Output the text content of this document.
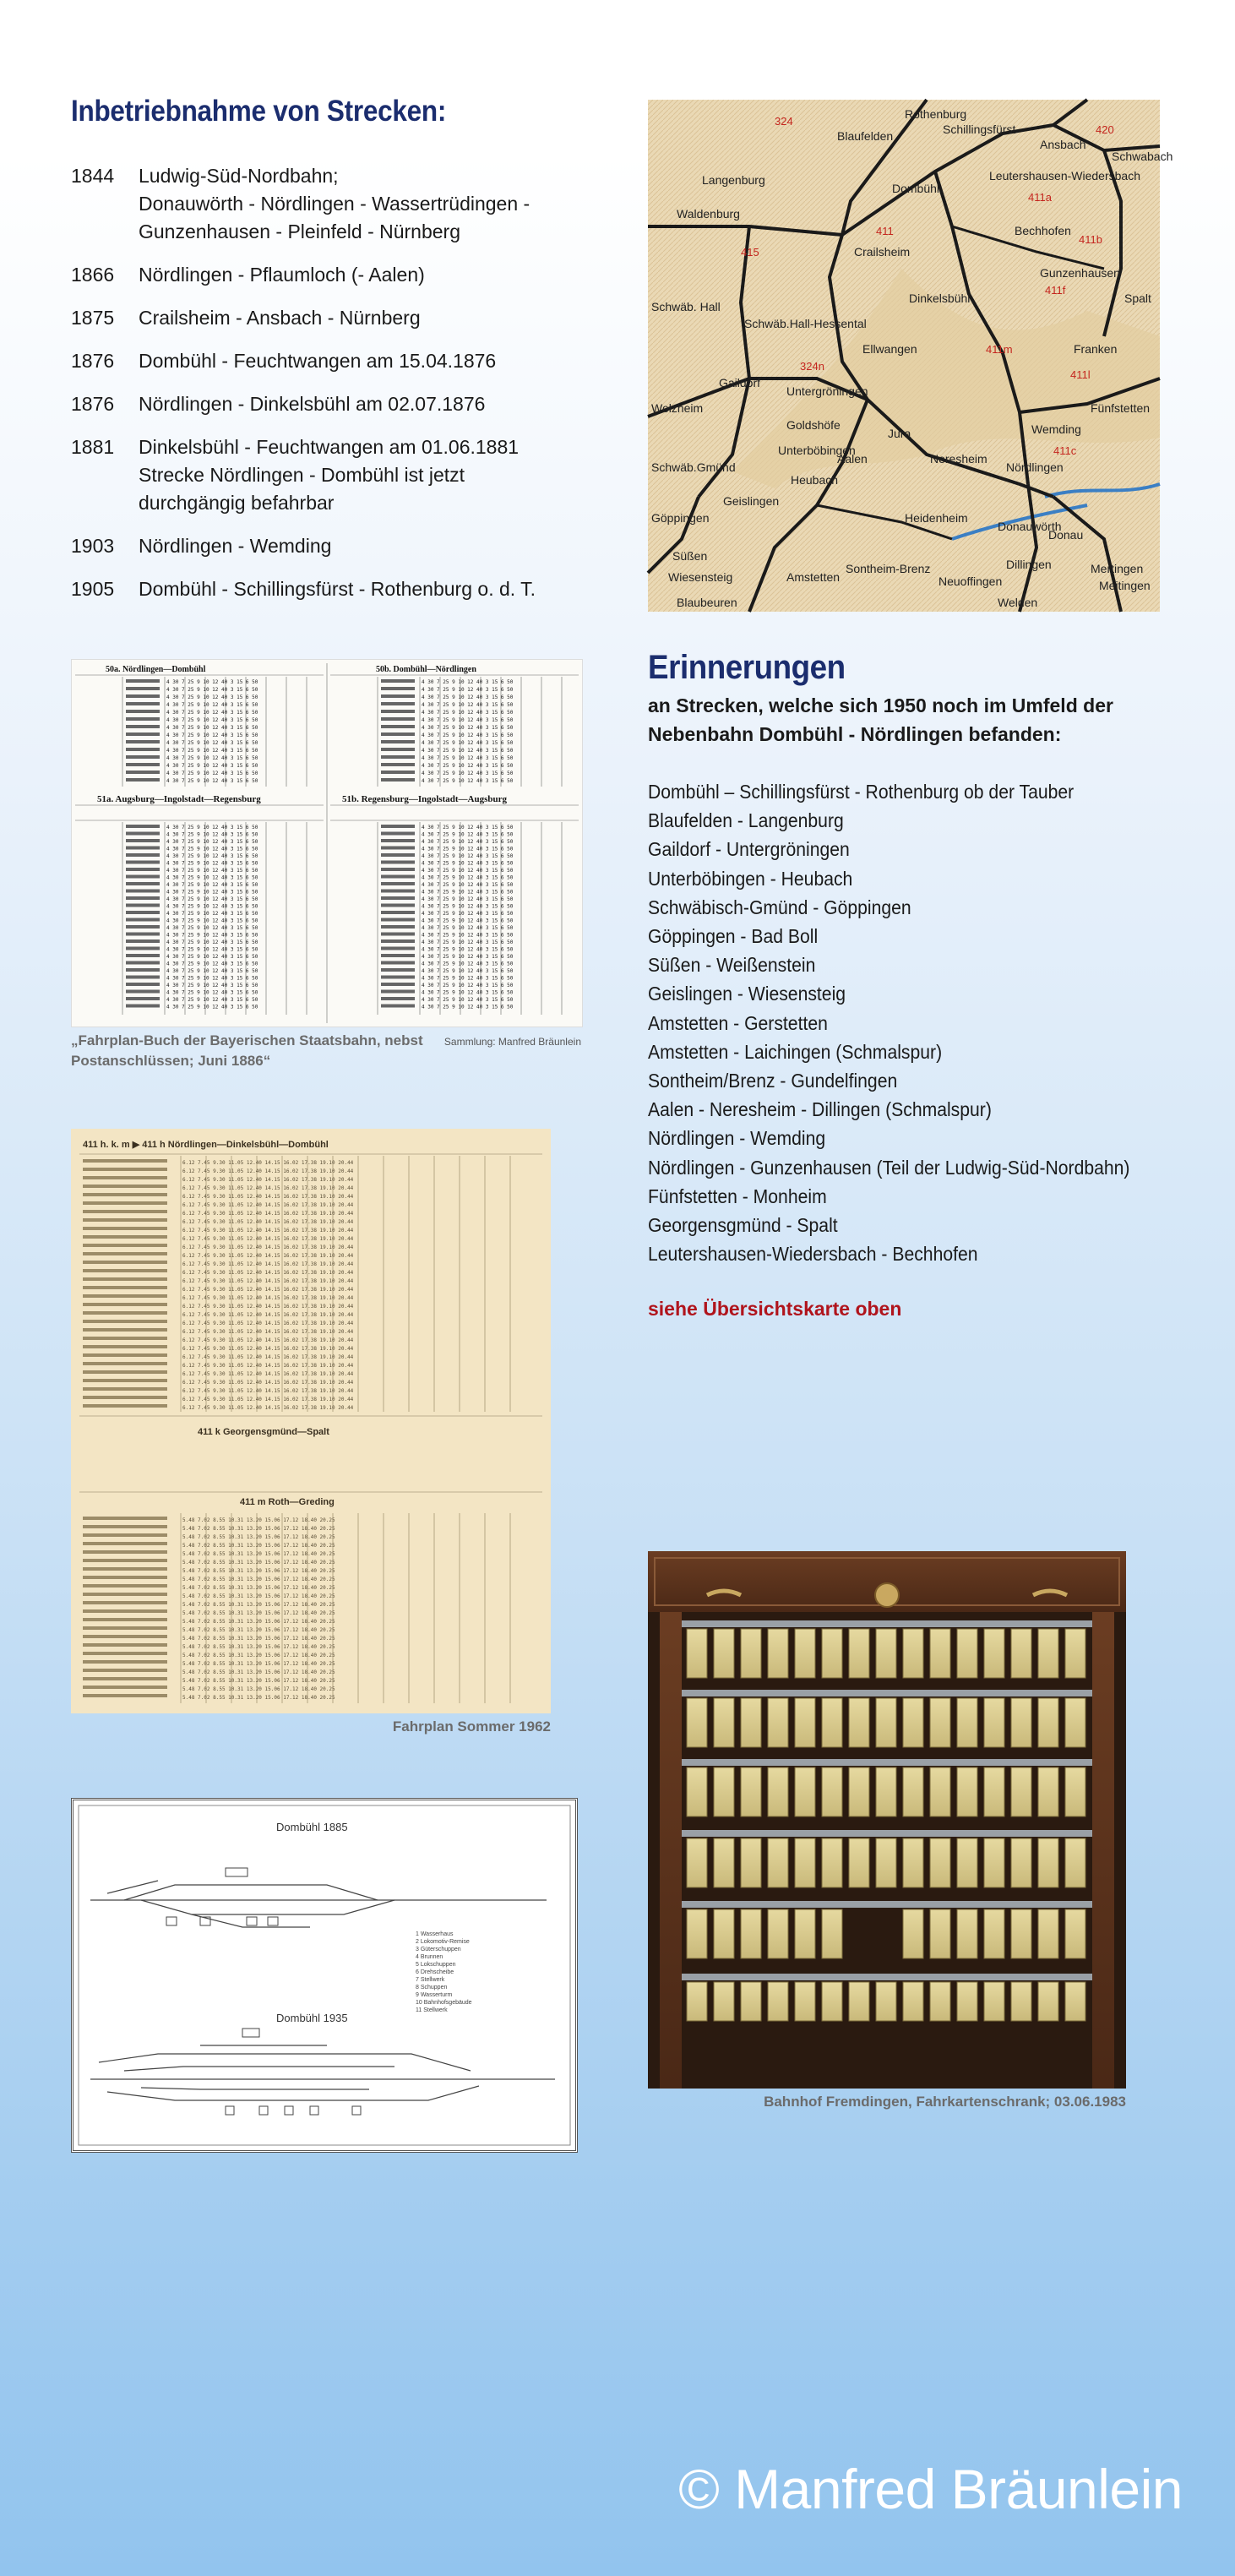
Inbetriebnahme von Strecken:
1844	Ludwig-Süd-Nordbahn;
Donauwörth - Nördlingen - Wassertrüdingen -
Gunzenhausen - Pleinfeld - Nürnberg
1866	Nördlingen - Pflaumloch (- Aalen)
1875	Crailsheim - Ansbach - Nürnberg
1876	Dombühl - Feuchtwangen am 15.04.1876
1876	Nördlingen - Dinkelsbühl am 02.07.1876
1881	Dinkelsbühl - Feuchtwangen am 01.06.1881
Strecke Nördlingen - Dombühl ist jetzt
durchgängig befahrbar
1903	Nördlingen - Wemding
1905	Dombühl - Schillingsfürst - Rothenburg o. d. T.
Rothenburg
Ansbach
Schwabach
Blaufelden	Schillingsfürst
Dombühl
Leutershausen-Wiedersbach
Langenburg
Waldenburg
Crailsheim
Bechhofen
Gunzenhausen
Spalt
Schwäb. Hall
Schwäb.Hall-Hessental
Dinkelsbühl
Gaildorf
Untergröningen
Ellwangen
Welzheim
Goldshöfe
Unterböbingen
Aalen
Nördlingen
Wemding
Schwäb.Gmünd
Heubach
Neresheim
Fünfstetten
Göppingen	Heidenheim
Donauwörth
Geislingen
Süßen
Wiesensteig	Amstetten
Sontheim-Brenz	Dillingen	Mertingen
Meitingen
Neuoffingen
Welden
Blaubeuren
Franken
Jura
Donau
324
420
411
411a
411b
411m
415
411f
324n
411l
411c
50a. Nördlingen—Dombühl	50b. Dombühl—Nördlingen
51a. Augsburg—Ingolstadt—Regensburg	51b. Regensburg—Ingolstadt—Augsburg
4 30 7 25 9 10 12 40 3 15 6 50	4 30 7 25 9 10 12 40 3 15 6 50
4 30 7 25 9 10 12 40 3 15 6 50	4 30 7 25 9 10 12 40 3 15 6 50
4 30 7 25 9 10 12 40 3 15 6 50	4 30 7 25 9 10 12 40 3 15 6 50
4 30 7 25 9 10 12 40 3 15 6 50	4 30 7 25 9 10 12 40 3 15 6 50
4 30 7 25 9 10 12 40 3 15 6 50	4 30 7 25 9 10 12 40 3 15 6 50
4 30 7 25 9 10 12 40 3 15 6 50	4 30 7 25 9 10 12 40 3 15 6 50
4 30 7 25 9 10 12 40 3 15 6 50	4 30 7 25 9 10 12 40 3 15 6 50
4 30 7 25 9 10 12 40 3 15 6 50	4 30 7 25 9 10 12 40 3 15 6 50
4 30 7 25 9 10 12 40 3 15 6 50	4 30 7 25 9 10 12 40 3 15 6 50
4 30 7 25 9 10 12 40 3 15 6 50	4 30 7 25 9 10 12 40 3 15 6 50
4 30 7 25 9 10 12 40 3 15 6 50	4 30 7 25 9 10 12 40 3 15 6 50
4 30 7 25 9 10 12 40 3 15 6 50	4 30 7 25 9 10 12 40 3 15 6 50
4 30 7 25 9 10 12 40 3 15 6 50	4 30 7 25 9 10 12 40 3 15 6 50
4 30 7 25 9 10 12 40 3 15 6 50	4 30 7 25 9 10 12 40 3 15 6 50
4 30 7 25 9 10 12 40 3 15 6 50	4 30 7 25 9 10 12 40 3 15 6 50
4 30 7 25 9 10 12 40 3 15 6 50	4 30 7 25 9 10 12 40 3 15 6 50
4 30 7 25 9 10 12 40 3 15 6 50	4 30 7 25 9 10 12 40 3 15 6 50
4 30 7 25 9 10 12 40 3 15 6 50	4 30 7 25 9 10 12 40 3 15 6 50
4 30 7 25 9 10 12 40 3 15 6 50	4 30 7 25 9 10 12 40 3 15 6 50
4 30 7 25 9 10 12 40 3 15 6 50	4 30 7 25 9 10 12 40 3 15 6 50
4 30 7 25 9 10 12 40 3 15 6 50	4 30 7 25 9 10 12 40 3 15 6 50
4 30 7 25 9 10 12 40 3 15 6 50	4 30 7 25 9 10 12 40 3 15 6 50
4 30 7 25 9 10 12 40 3 15 6 50	4 30 7 25 9 10 12 40 3 15 6 50
4 30 7 25 9 10 12 40 3 15 6 50	4 30 7 25 9 10 12 40 3 15 6 50
4 30 7 25 9 10 12 40 3 15 6 50	4 30 7 25 9 10 12 40 3 15 6 50
4 30 7 25 9 10 12 40 3 15 6 50	4 30 7 25 9 10 12 40 3 15 6 50
4 30 7 25 9 10 12 40 3 15 6 50	4 30 7 25 9 10 12 40 3 15 6 50
4 30 7 25 9 10 12 40 3 15 6 50	4 30 7 25 9 10 12 40 3 15 6 50
4 30 7 25 9 10 12 40 3 15 6 50	4 30 7 25 9 10 12 40 3 15 6 50
4 30 7 25 9 10 12 40 3 15 6 50	4 30 7 25 9 10 12 40 3 15 6 50
4 30 7 25 9 10 12 40 3 15 6 50	4 30 7 25 9 10 12 40 3 15 6 50
4 30 7 25 9 10 12 40 3 15 6 50	4 30 7 25 9 10 12 40 3 15 6 50
4 30 7 25 9 10 12 40 3 15 6 50	4 30 7 25 9 10 12 40 3 15 6 50
4 30 7 25 9 10 12 40 3 15 6 50	4 30 7 25 9 10 12 40 3 15 6 50
4 30 7 25 9 10 12 40 3 15 6 50	4 30 7 25 9 10 12 40 3 15 6 50
4 30 7 25 9 10 12 40 3 15 6 50	4 30 7 25 9 10 12 40 3 15 6 50
4 30 7 25 9 10 12 40 3 15 6 50	4 30 7 25 9 10 12 40 3 15 6 50
4 30 7 25 9 10 12 40 3 15 6 50	4 30 7 25 9 10 12 40 3 15 6 50
4 30 7 25 9 10 12 40 3 15 6 50	4 30 7 25 9 10 12 40 3 15 6 50
4 30 7 25 9 10 12 40 3 15 6 50	4 30 7 25 9 10 12 40 3 15 6 50
„Fahrplan-Buch der Bayerischen Staatsbahn, nebst Postanschlüssen; Juni 1886“
Sammlung: Manfred Bräunlein
411 h. k. m ▶ 411 h Nördlingen—Dinkelsbühl—Dombühl
411 k Georgensgmünd—Spalt
411 m Roth—Greding
6.12 7.45 9.30 11.05 12.40 14.15 16.02 17.38 19.10 20.44
6.12 7.45 9.30 11.05 12.40 14.15 16.02 17.38 19.10 20.44
6.12 7.45 9.30 11.05 12.40 14.15 16.02 17.38 19.10 20.44
6.12 7.45 9.30 11.05 12.40 14.15 16.02 17.38 19.10 20.44
6.12 7.45 9.30 11.05 12.40 14.15 16.02 17.38 19.10 20.44
6.12 7.45 9.30 11.05 12.40 14.15 16.02 17.38 19.10 20.44
6.12 7.45 9.30 11.05 12.40 14.15 16.02 17.38 19.10 20.44
6.12 7.45 9.30 11.05 12.40 14.15 16.02 17.38 19.10 20.44
6.12 7.45 9.30 11.05 12.40 14.15 16.02 17.38 19.10 20.44
6.12 7.45 9.30 11.05 12.40 14.15 16.02 17.38 19.10 20.44
6.12 7.45 9.30 11.05 12.40 14.15 16.02 17.38 19.10 20.44
6.12 7.45 9.30 11.05 12.40 14.15 16.02 17.38 19.10 20.44
6.12 7.45 9.30 11.05 12.40 14.15 16.02 17.38 19.10 20.44
6.12 7.45 9.30 11.05 12.40 14.15 16.02 17.38 19.10 20.44
6.12 7.45 9.30 11.05 12.40 14.15 16.02 17.38 19.10 20.44
6.12 7.45 9.30 11.05 12.40 14.15 16.02 17.38 19.10 20.44
6.12 7.45 9.30 11.05 12.40 14.15 16.02 17.38 19.10 20.44
6.12 7.45 9.30 11.05 12.40 14.15 16.02 17.38 19.10 20.44
6.12 7.45 9.30 11.05 12.40 14.15 16.02 17.38 19.10 20.44
6.12 7.45 9.30 11.05 12.40 14.15 16.02 17.38 19.10 20.44
6.12 7.45 9.30 11.05 12.40 14.15 16.02 17.38 19.10 20.44
6.12 7.45 9.30 11.05 12.40 14.15 16.02 17.38 19.10 20.44
6.12 7.45 9.30 11.05 12.40 14.15 16.02 17.38 19.10 20.44
6.12 7.45 9.30 11.05 12.40 14.15 16.02 17.38 19.10 20.44
6.12 7.45 9.30 11.05 12.40 14.15 16.02 17.38 19.10 20.44
6.12 7.45 9.30 11.05 12.40 14.15 16.02 17.38 19.10 20.44
6.12 7.45 9.30 11.05 12.40 14.15 16.02 17.38 19.10 20.44
6.12 7.45 9.30 11.05 12.40 14.15 16.02 17.38 19.10 20.44
6.12 7.45 9.30 11.05 12.40 14.15 16.02 17.38 19.10 20.44
6.12 7.45 9.30 11.05 12.40 14.15 16.02 17.38 19.10 20.44
5.48 7.02 8.55 10.31 13.20 15.06 17.12 18.40 20.25
5.48 7.02 8.55 10.31 13.20 15.06 17.12 18.40 20.25
5.48 7.02 8.55 10.31 13.20 15.06 17.12 18.40 20.25
5.48 7.02 8.55 10.31 13.20 15.06 17.12 18.40 20.25
5.48 7.02 8.55 10.31 13.20 15.06 17.12 18.40 20.25
5.48 7.02 8.55 10.31 13.20 15.06 17.12 18.40 20.25
5.48 7.02 8.55 10.31 13.20 15.06 17.12 18.40 20.25
5.48 7.02 8.55 10.31 13.20 15.06 17.12 18.40 20.25
5.48 7.02 8.55 10.31 13.20 15.06 17.12 18.40 20.25
5.48 7.02 8.55 10.31 13.20 15.06 17.12 18.40 20.25
5.48 7.02 8.55 10.31 13.20 15.06 17.12 18.40 20.25
5.48 7.02 8.55 10.31 13.20 15.06 17.12 18.40 20.25
5.48 7.02 8.55 10.31 13.20 15.06 17.12 18.40 20.25
5.48 7.02 8.55 10.31 13.20 15.06 17.12 18.40 20.25
5.48 7.02 8.55 10.31 13.20 15.06 17.12 18.40 20.25
5.48 7.02 8.55 10.31 13.20 15.06 17.12 18.40 20.25
5.48 7.02 8.55 10.31 13.20 15.06 17.12 18.40 20.25
5.48 7.02 8.55 10.31 13.20 15.06 17.12 18.40 20.25
5.48 7.02 8.55 10.31 13.20 15.06 17.12 18.40 20.25
5.48 7.02 8.55 10.31 13.20 15.06 17.12 18.40 20.25
5.48 7.02 8.55 10.31 13.20 15.06 17.12 18.40 20.25
5.48 7.02 8.55 10.31 13.20 15.06 17.12 18.40 20.25
Fahrplan Sommer 1962
Dombühl 1885
Dombühl 1935
1 Wasserhaus
2 Lokomotiv-Remise
3 Güterschuppen
4 Brunnen
5 Lokschuppen
6 Drehscheibe
7 Stellwerk
8 Schuppen
9 Wasserturm
10 Bahnhofsgebäude
11 Stellwerk
Erinnerungen
an Strecken, welche sich 1950 noch im Umfeld der Nebenbahn Dombühl - Nördlingen befanden:
Dombühl – Schillingsfürst - Rothenburg ob der Tauber
Blaufelden - Langenburg
Gaildorf - Untergröningen
Unterböbingen - Heubach
Schwäbisch-Gmünd - Göppingen
Göppingen - Bad Boll
Süßen - Weißenstein
Geislingen - Wiesensteig
Amstetten - Gerstetten
Amstetten - Laichingen (Schmalspur)
Sontheim/Brenz - Gundelfingen
Aalen - Neresheim - Dillingen (Schmalspur)
Nördlingen - Wemding
Nördlingen - Gunzenhausen (Teil der Ludwig-Süd-Nordbahn)
Fünfstetten - Monheim
Georgensgmünd - Spalt
Leutershausen-Wiedersbach - Bechhofen
siehe Übersichtskarte oben
Bahnhof Fremdingen, Fahrkartenschrank; 03.06.1983
© Manfred Bräunlein
